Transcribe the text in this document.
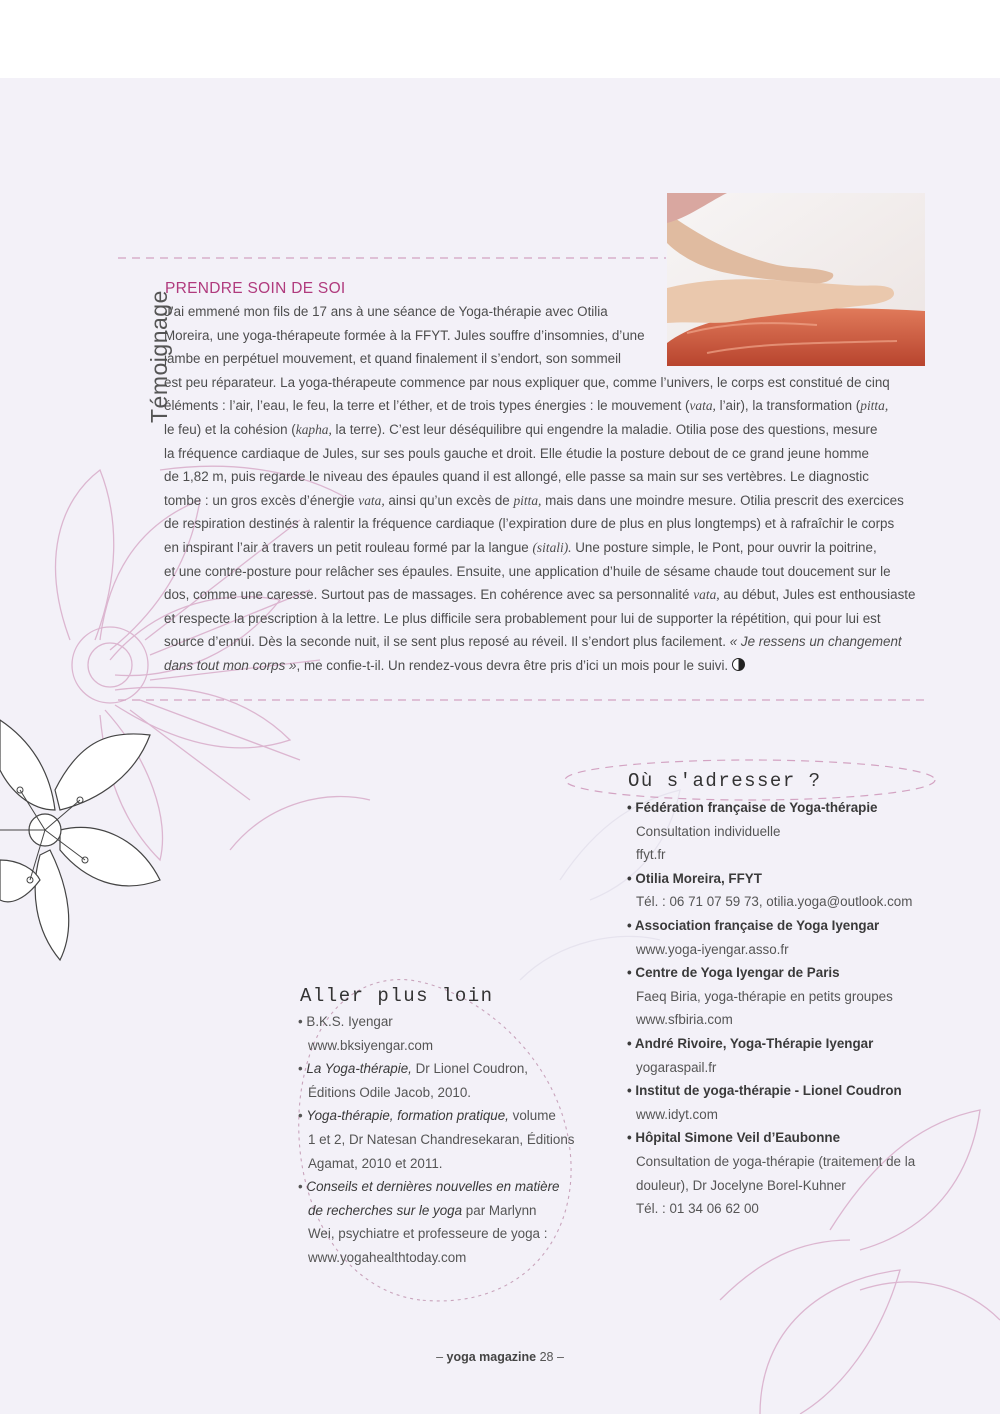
Témoignage
PRENDRE SOIN DE SOI
J’ai emmené mon fils de 17 ans à une séance de Yoga-thérapie avec Otilia
Moreira, une yoga-thérapeute formée à la FFYT. Jules souffre d’insomnies, d’une
jambe en perpétuel mouvement, et quand finalement il s’endort, son sommeil
est peu réparateur. La yoga-thérapeute commence par nous expliquer que, comme l’univers, le corps est constitué de cinq
éléments : l’air, l’eau, le feu, la terre et l’éther, et de trois types énergies : le mouvement (vata, l’air), la transformation (pitta,
le feu) et la cohésion (kapha, la terre). C’est leur déséquilibre qui engendre la maladie. Otilia pose des questions, mesure
la fréquence cardiaque de Jules, sur ses pouls gauche et droit. Elle étudie la posture debout de ce grand jeune homme
de 1,82 m, puis regarde le niveau des épaules quand il est allongé, elle passe sa main sur ses vertèbres. Le diagnostic
tombe : un gros excès d’énergie vata, ainsi qu’un excès de pitta, mais dans une moindre mesure. Otilia prescrit des exercices
de respiration destinés à ralentir la fréquence cardiaque (l’expiration dure de plus en plus longtemps) et à rafraîchir le corps
en inspirant l’air à travers un petit rouleau formé par la langue (sitali). Une posture simple, le Pont, pour ouvrir la poitrine,
et une contre-posture pour relâcher ses épaules. Ensuite, une application d’huile de sésame chaude tout doucement sur le
dos, comme une caresse. Surtout pas de massages. En cohérence avec sa personnalité vata, au début, Jules est enthousiaste
et respecte la prescription à la lettre. Le plus difficile sera probablement pour lui de supporter la répétition, qui pour lui est
source d’ennui. Dès la seconde nuit, il se sent plus reposé au réveil. Il s’endort plus facilement. « Je ressens un changement
dans tout mon corps », me confie-t-il. Un rendez-vous devra être pris d’ici un mois pour le suivi.
Où s'adresser ?
• Fédération française de Yoga-thérapie
Consultation individuelle
ffyt.fr
• Otilia Moreira, FFYT
Tél. : 06 71 07 59 73, otilia.yoga@outlook.com
• Association française de Yoga Iyengar
www.yoga-iyengar.asso.fr
• Centre de Yoga Iyengar de Paris
Faeq Biria, yoga-thérapie en petits groupes
www.sfbiria.com
• André Rivoire, Yoga-Thérapie Iyengar
yogaraspail.fr
• Institut de yoga-thérapie - Lionel Coudron
www.idyt.com
• Hôpital Simone Veil d’Eaubonne
Consultation de yoga-thérapie (traitement de la
douleur), Dr Jocelyne Borel-Kuhner
Tél. : 01 34 06 62 00
Aller plus loin
• B.K.S. Iyengar
www.bksiyengar.com
• La Yoga-thérapie, Dr Lionel Coudron,
Éditions Odile Jacob, 2010.
• Yoga-thérapie, formation pratique, volume
1 et 2, Dr Natesan Chandresekaran, Éditions
Agamat, 2010 et 2011.
• Conseils et dernières nouvelles en matière
de recherches sur le yoga par Marlynn
Wei, psychiatre et professeure de yoga :
www.yogahealthtoday.com
– yoga magazine 28 –
